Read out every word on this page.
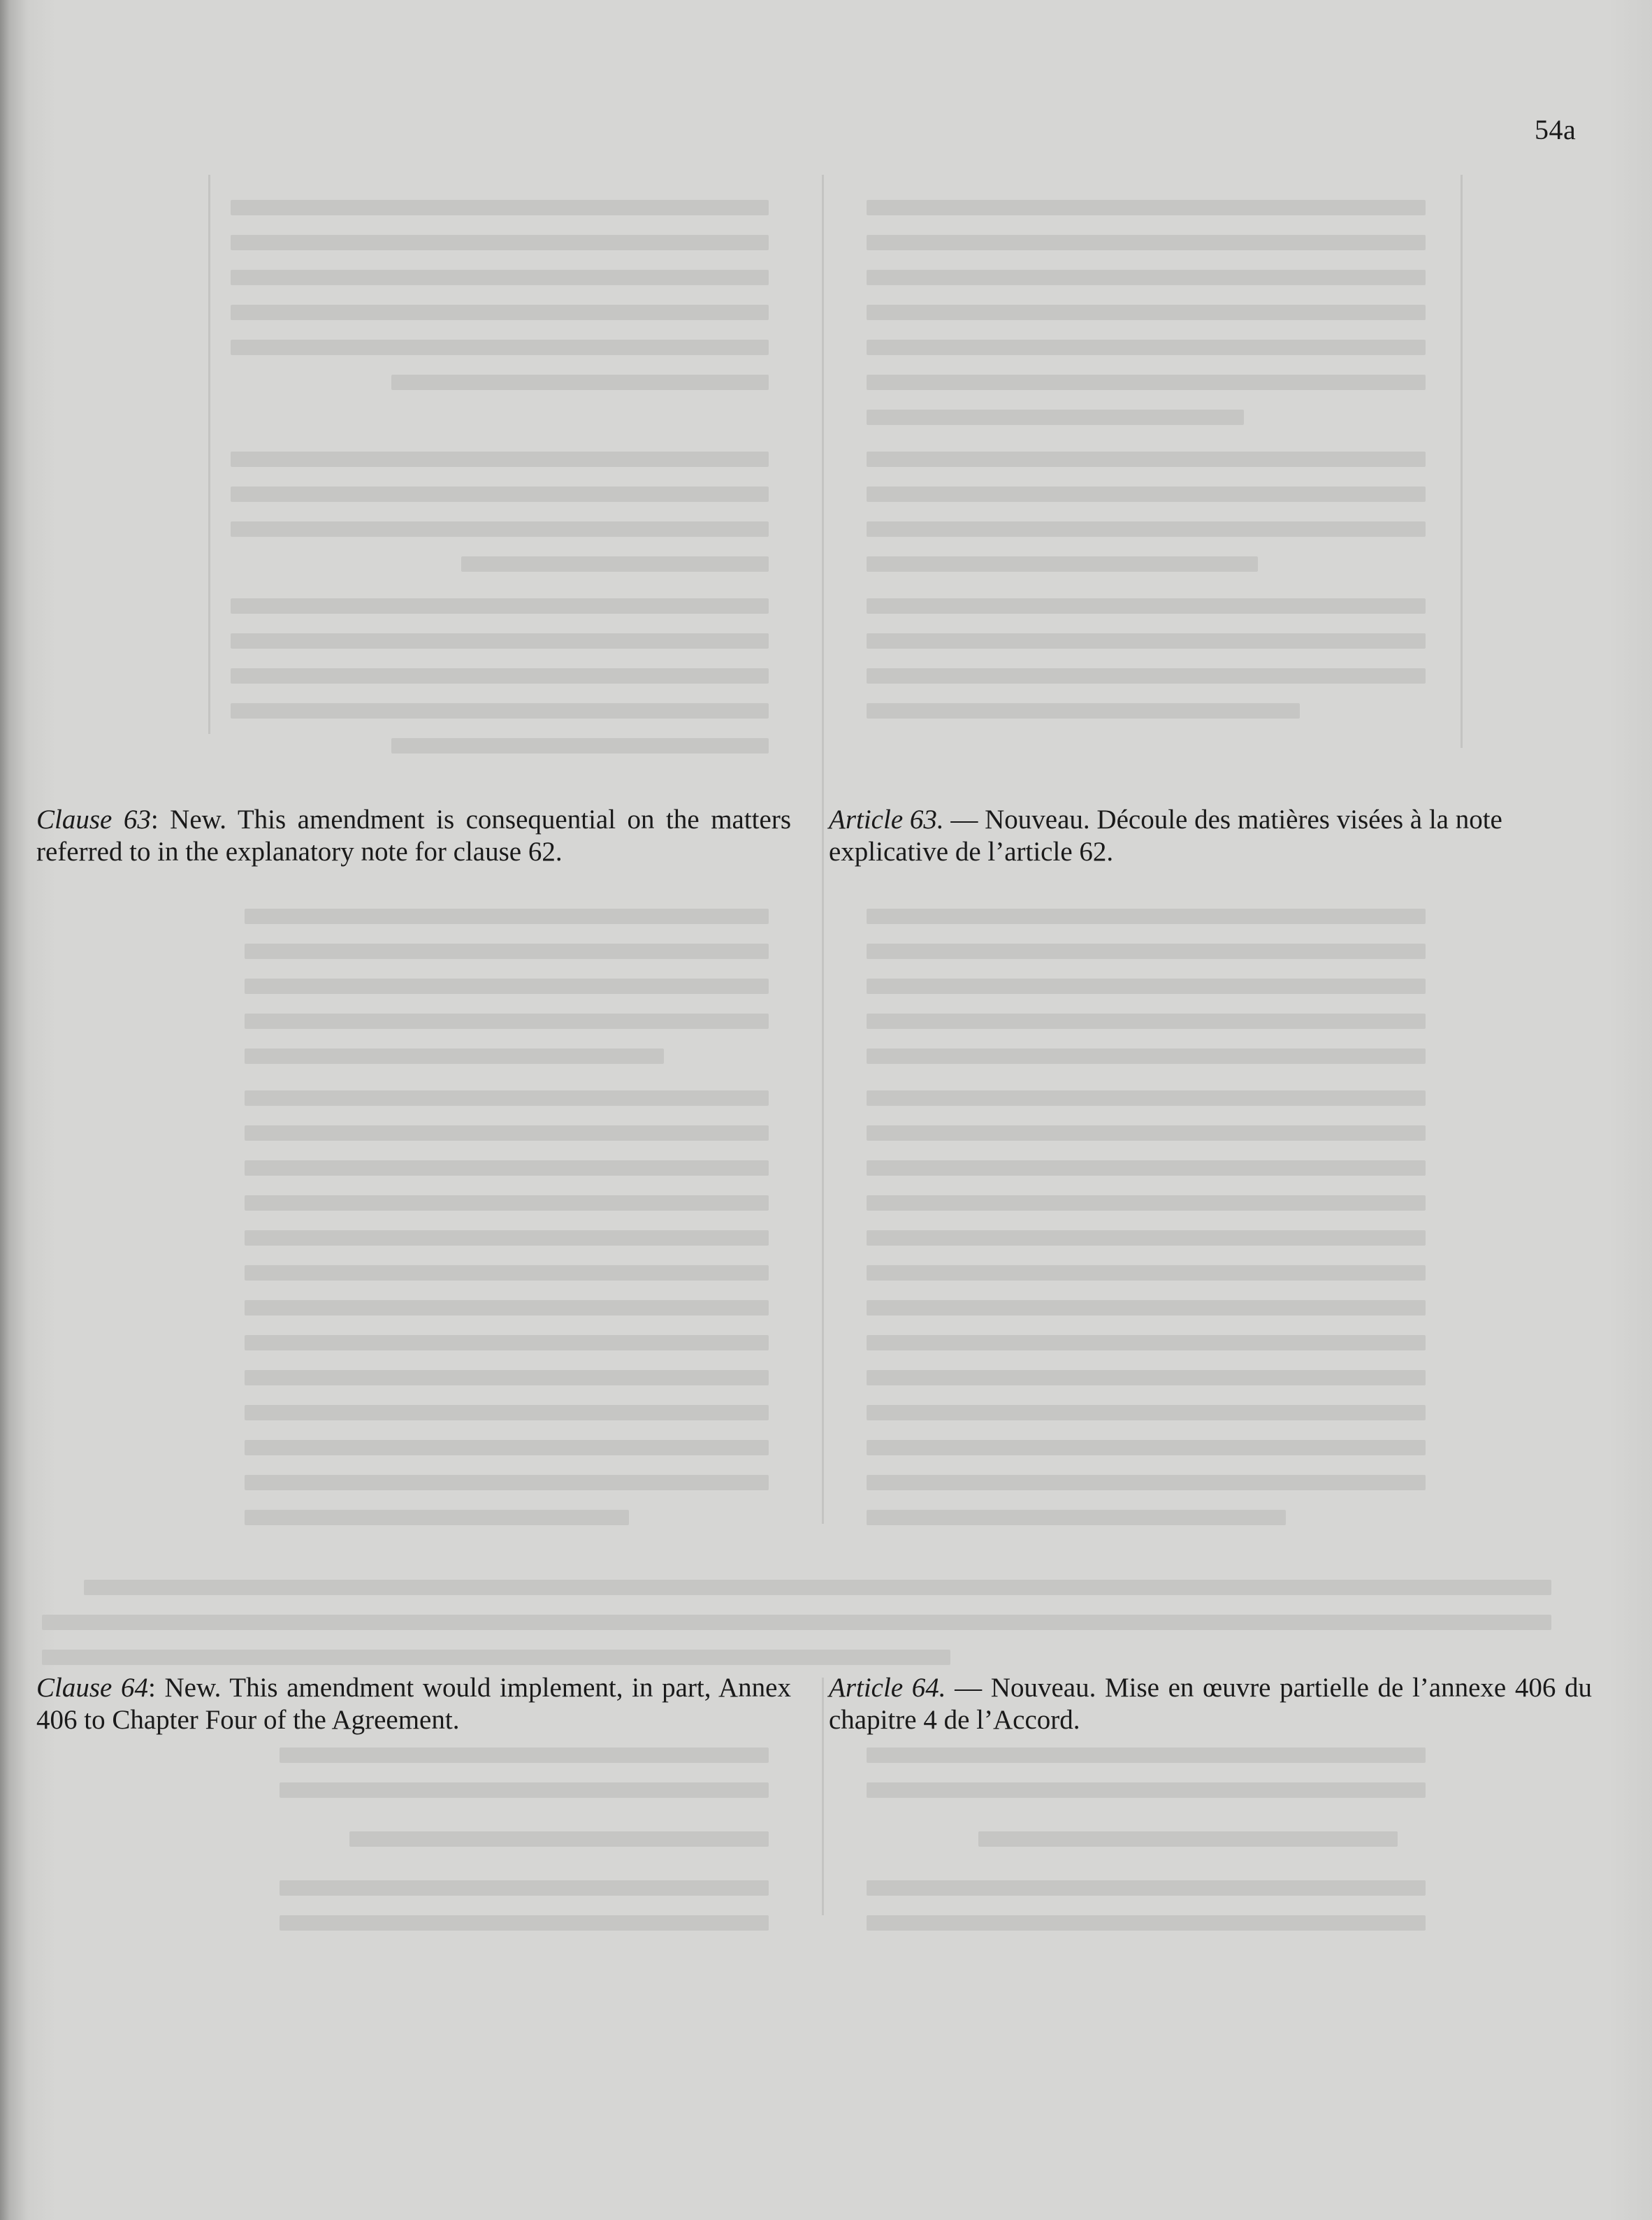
54a

Clause 63: New. This amendment is consequential on the matters referred to in the explanatory note for clause 62.

Article 63. — Nouveau. Découle des matières visées à la note explicative de l’article 62.

Clause 64: New. This amendment would implement, in part, Annex 406 to Chapter Four of the Agreement.

Article 64. — Nouveau. Mise en œuvre partielle de l’annexe 406 du chapitre 4 de l’Accord.
